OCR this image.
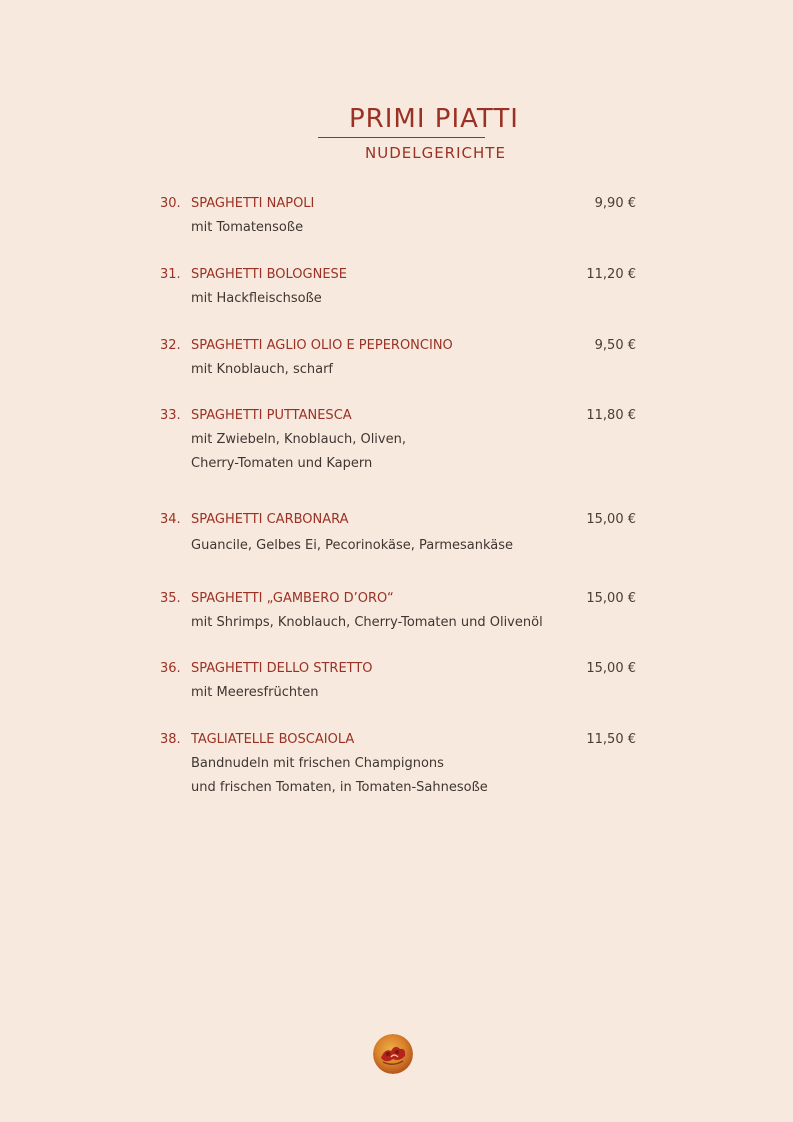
PRIMI PIATTI
NUDELGERICHTE
30. SPAGHETTI NAPOLI	9,90 €
mit Tomatensoße
31. SPAGHETTI BOLOGNESE	11,20 €
mit Hackfleischsoße
32. SPAGHETTI AGLIO OLIO E PEPERONCINO	9,50 €
mit Knoblauch, scharf
33. SPAGHETTI PUTTANESCA	11,80 €
mit Zwiebeln, Knoblauch, Oliven,
Cherry-Tomaten und Kapern
34. SPAGHETTI CARBONARA	15,00 €
Guancile, Gelbes Ei, Pecorinokäse, Parmesankäse
35. SPAGHETTI „GAMBERO D’ORO“	15,00 €
mit Shrimps, Knoblauch, Cherry-Tomaten und Olivenöl
36. SPAGHETTI DELLO STRETTO	15,00 €
mit Meeresfrüchten
38. TAGLIATELLE BOSCAIOLA	11,50 €
Bandnudeln mit frischen Champignons
und frischen Tomaten, in Tomaten-Sahnesoße
